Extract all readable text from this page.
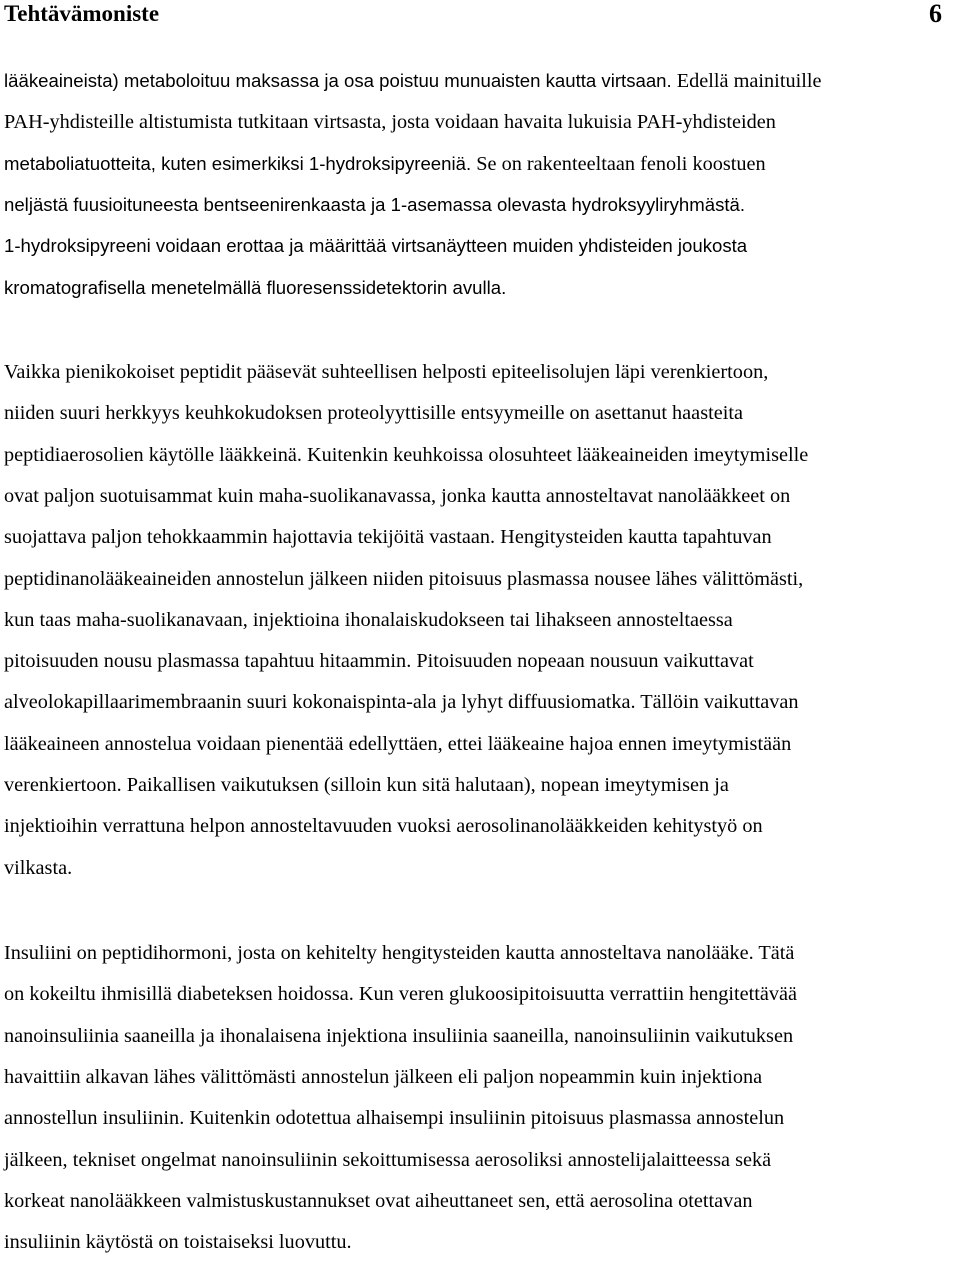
Tehtävämoniste	6
lääkeaineista) metaboloituu maksassa ja osa poistuu munuaisten kautta virtsaan. Edellä mainituille
PAH-yhdisteille altistumista tutkitaan virtsasta, josta voidaan havaita lukuisia PAH-yhdisteiden
metaboliatuotteita, kuten esimerkiksi 1-hydroksipyreeniä. Se on rakenteeltaan fenoli koostuen
neljästä fuusioituneesta bentseenirenkaasta ja 1-asemassa olevasta hydroksyyliryhmästä.
1-hydroksipyreeni voidaan erottaa ja määrittää virtsanäytteen muiden yhdisteiden joukosta
kromatografisella menetelmällä fluoresenssidetektorin avulla.
Vaikka pienikokoiset peptidit pääsevät suhteellisen helposti epiteelisolujen läpi verenkiertoon,
niiden suuri herkkyys keuhkokudoksen proteolyyttisille entsyymeille on asettanut haasteita
peptidiaerosolien käytölle lääkkeinä. Kuitenkin keuhkoissa olosuhteet lääkeaineiden imeytymiselle
ovat paljon suotuisammat kuin maha-suolikanavassa, jonka kautta annosteltavat nanolääkkeet on
suojattava paljon tehokkaammin hajottavia tekijöitä vastaan. Hengitysteiden kautta tapahtuvan
peptidinanolääkeaineiden annostelun jälkeen niiden pitoisuus plasmassa nousee lähes välittömästi,
kun taas maha-suolikanavaan, injektioina ihonalaiskudokseen tai lihakseen annosteltaessa
pitoisuuden nousu plasmassa tapahtuu hitaammin. Pitoisuuden nopeaan nousuun vaikuttavat
alveolokapillaarimembraanin suuri kokonaispinta-ala ja lyhyt diffuusiomatka. Tällöin vaikuttavan
lääkeaineen annostelua voidaan pienentää edellyttäen, ettei lääkeaine hajoa ennen imeytymistään
verenkiertoon. Paikallisen vaikutuksen (silloin kun sitä halutaan), nopean imeytymisen ja
injektioihin verrattuna helpon annosteltavuuden vuoksi aerosolinanolääkkeiden kehitystyö on
vilkasta.
Insuliini on peptidihormoni, josta on kehitelty hengitysteiden kautta annosteltava nanolääke. Tätä
on kokeiltu ihmisillä diabeteksen hoidossa. Kun veren glukoosipitoisuutta verrattiin hengitettävää
nanoinsuliinia saaneilla ja ihonalaisena injektiona insuliinia saaneilla, nanoinsuliinin vaikutuksen
havaittiin alkavan lähes välittömästi annostelun jälkeen eli paljon nopeammin kuin injektiona
annostellun insuliinin. Kuitenkin odotettua alhaisempi insuliinin pitoisuus plasmassa annostelun
jälkeen, tekniset ongelmat nanoinsuliinin sekoittumisessa aerosoliksi annostelijalaitteessa sekä
korkeat nanolääkkeen valmistuskustannukset ovat aiheuttaneet sen, että aerosolina otettavan
insuliinin käytöstä on toistaiseksi luovuttu.
